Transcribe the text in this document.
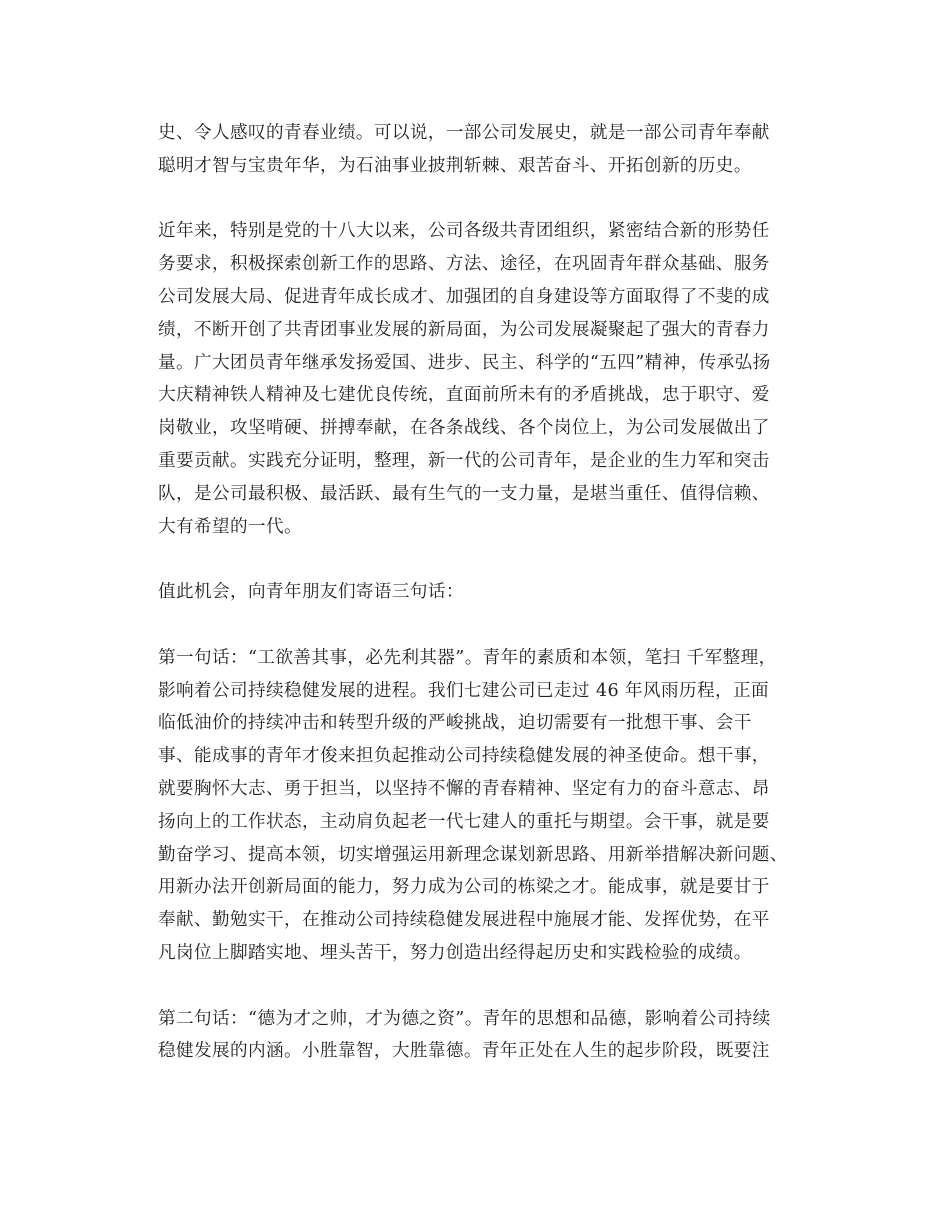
史、令人感叹的青春业绩。可以说，一部公司发展史，就是一部公司青年奉献
聪明才智与宝贵年华，为石油事业披荆斩棘、艰苦奋斗、开拓创新的历史。
近年来，特别是党的十八大以来，公司各级共青团组织，紧密结合新的形势任
务要求，积极探索创新工作的思路、方法、途径，在巩固青年群众基础、服务
公司发展大局、促进青年成长成才、加强团的自身建设等方面取得了不斐的成
绩，不断开创了共青团事业发展的新局面，为公司发展凝聚起了强大的青春力
量。广大团员青年继承发扬爱国、进步、民主、科学的“五四”精神，传承弘扬
大庆精神铁人精神及七建优良传统，直面前所未有的矛盾挑战，忠于职守、爱
岗敬业，攻坚啃硬、拼搏奉献，在各条战线、各个岗位上，为公司发展做出了
重要贡献。实践充分证明，整理，新一代的公司青年，是企业的生力军和突击
队，是公司最积极、最活跃、最有生气的一支力量，是堪当重任、值得信赖、
大有希望的一代。
值此机会，向青年朋友们寄语三句话：
第一句话：“工欲善其事，必先利其器”。青年的素质和本领，笔扫 千军整理，
影响着公司持续稳健发展的进程。我们七建公司已走过 46 年风雨历程，正面
临低油价的持续冲击和转型升级的严峻挑战，迫切需要有一批想干事、会干
事、能成事的青年才俊来担负起推动公司持续稳健发展的神圣使命。想干事，
就要胸怀大志、勇于担当，以坚持不懈的青春精神、坚定有力的奋斗意志、昂
扬向上的工作状态，主动肩负起老一代七建人的重托与期望。会干事，就是要
勤奋学习、提高本领，切实增强运用新理念谋划新思路、用新举措解决新问题、
用新办法开创新局面的能力，努力成为公司的栋梁之才。能成事，就是要甘于
奉献、勤勉实干，在推动公司持续稳健发展进程中施展才能、发挥优势，在平
凡岗位上脚踏实地、埋头苦干，努力创造出经得起历史和实践检验的成绩。
第二句话：“德为才之帅，才为德之资”。青年的思想和品德，影响着公司持续
稳健发展的内涵。小胜靠智，大胜靠德。青年正处在人生的起步阶段，既要注
